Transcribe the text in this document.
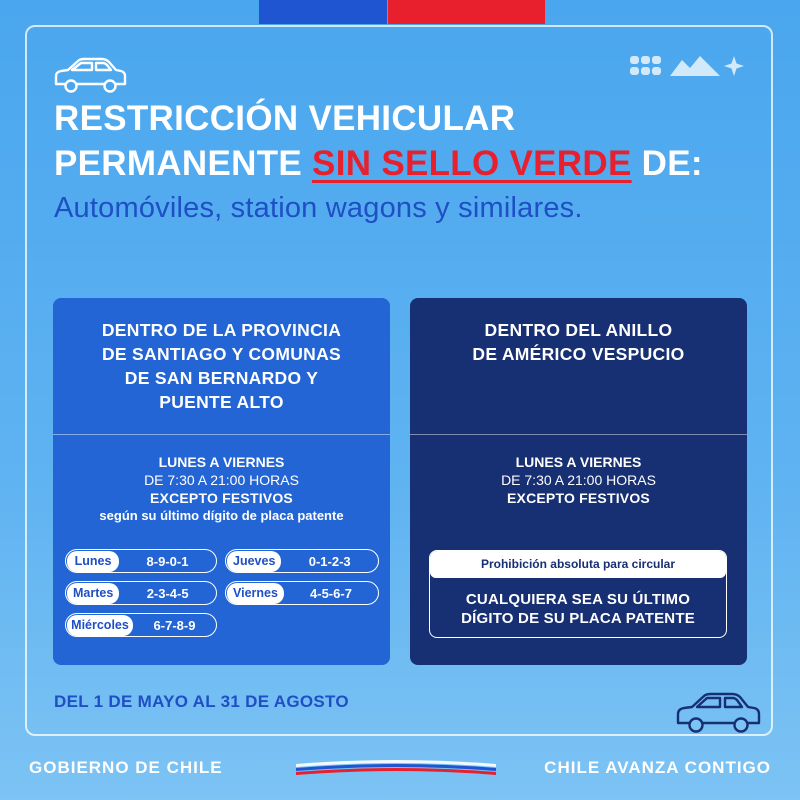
RESTRICCIÓN VEHICULAR
PERMANENTE SIN SELLO VERDE DE:

Automóviles, station wagons y similares.

DENTRO DE LA PROVINCIA
DE SANTIAGO Y COMUNAS
DE SAN BERNARDO Y
PUENTE ALTO
LUNES A VIERNES
DE 7:30 A 21:00 HORAS
EXCEPTO FESTIVOS
según su último dígito de placa patente
Lunes	8-9-0-1	Jueves	0-1-2-3
Martes	2-3-4-5	Viernes	4-5-6-7
Miércoles	6-7-8-9
DENTRO DEL ANILLO
DE AMÉRICO VESPUCIO
LUNES A VIERNES
DE 7:30 A 21:00 HORAS
EXCEPTO FESTIVOS
Prohibición absoluta para circular
CUALQUIERA SEA SU ÚLTIMO
DÍGITO DE SU PLACA PATENTE

DEL 1 DE MAYO AL 31 DE AGOSTO

GOBIERNO DE CHILE	CHILE AVANZA CONTIGO
